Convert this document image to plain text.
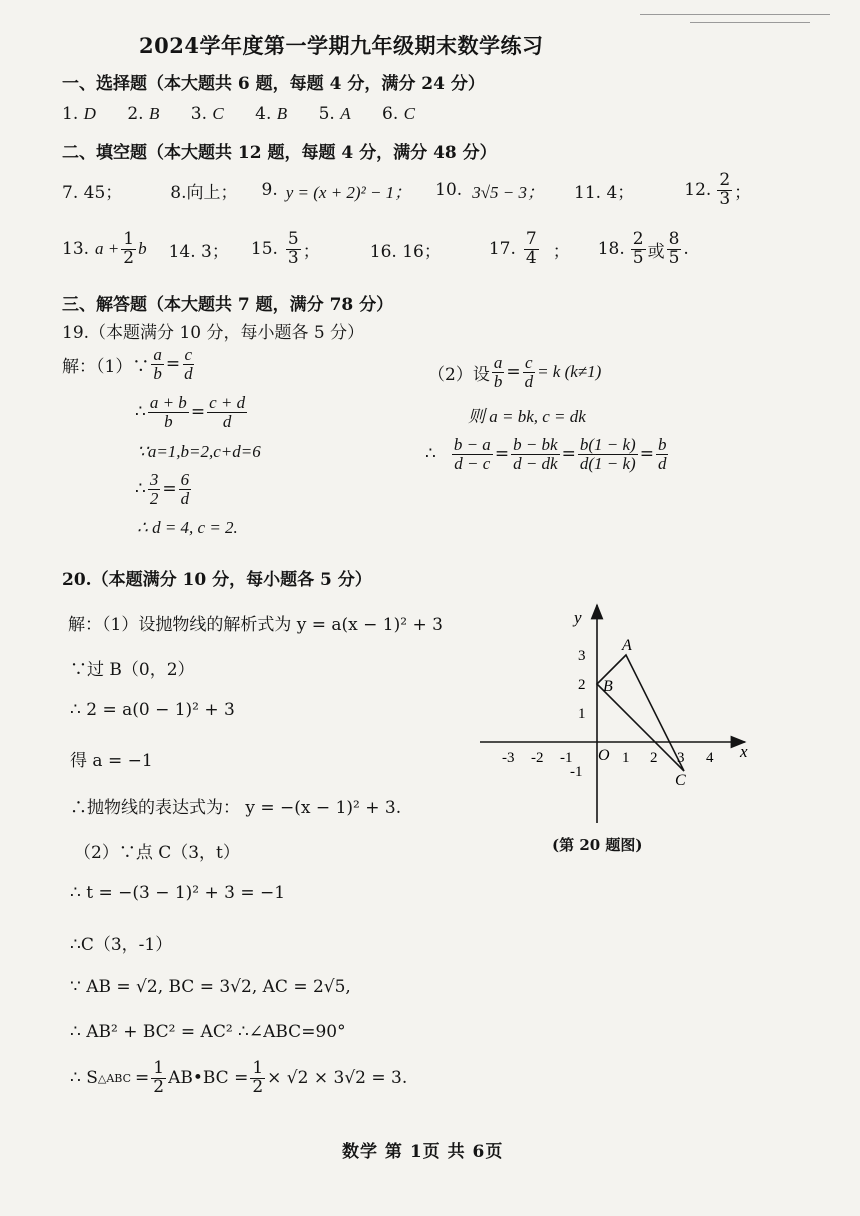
2024学年度第一学期九年级期末数学练习
一、选择题（本大题共 6 题，每题 4 分，满分 24 分）
1. D 2. B 3. C 4. B 5. A 6. C
二、填空题（本大题共 12 题，每题 4 分，满分 48 分）
7. 45；	8.向上； 9. y = (x + 2)² − 1； 10. 3√5 − 3； 11. 4；	12. $\frac{2}{3}$ ；
13. $a + \frac{1}{2}$ b 14. 3； 15. $\frac{5}{3}$ ；	16. 16；	17. $\frac{7}{4}$ ； 18. $\frac{2}{5}$ 或 $\frac{8}{5}$ .
三、解答题（本大题共 7 题，满分 78 分）
19.（本题满分 10 分，每小题各 5 分）
解：（1）∵ $\frac{a}{b} = \frac{c}{d}$
∴ $\frac{a + b}{b} = \frac{c + d}{d}$
∵a=1,b=2,c+d=6
∴ $\frac{3}{2} = \frac{6}{d}$
∴ d = 4, c = 2.
（2）设 $\frac{a}{b} = \frac{c}{d} = k$ (k≠1)
则 a = bk, c = dk
∴ $\frac{b - a}{d - c} = \frac{b - bk}{d - dk} = \frac{b(1 - k)}{d(1 - k)} = \frac{b}{d}$
20.（本题满分 10 分，每小题各 5 分）
解：（1）设抛物线的解析式为 y = a(x − 1)² + 3
∵过 B（0，2）
∴ 2 = a(0 − 1)² + 3
得 a = −1
∴抛物线的表达式为： y = −(x − 1)² + 3.
（2）∵点 C（3，t）
∴ t = −(3 − 1)² + 3 = −1
∴C（3，-1）
∵ AB = √2, BC = 3√2, AC = 2√5,
∴ AB² + BC² = AC² ∴∠ABC=90°
∴ S △ABC = $\frac{1}{2}$ AB•BC = $\frac{1}{2} \times √2 \times 3√2 = 3$.
x
y
O
-3 -2 -1	1 2 3 4
3
2
1
-1
A
B
C
(第 20 题图)
数学 第 1页 共 6页
